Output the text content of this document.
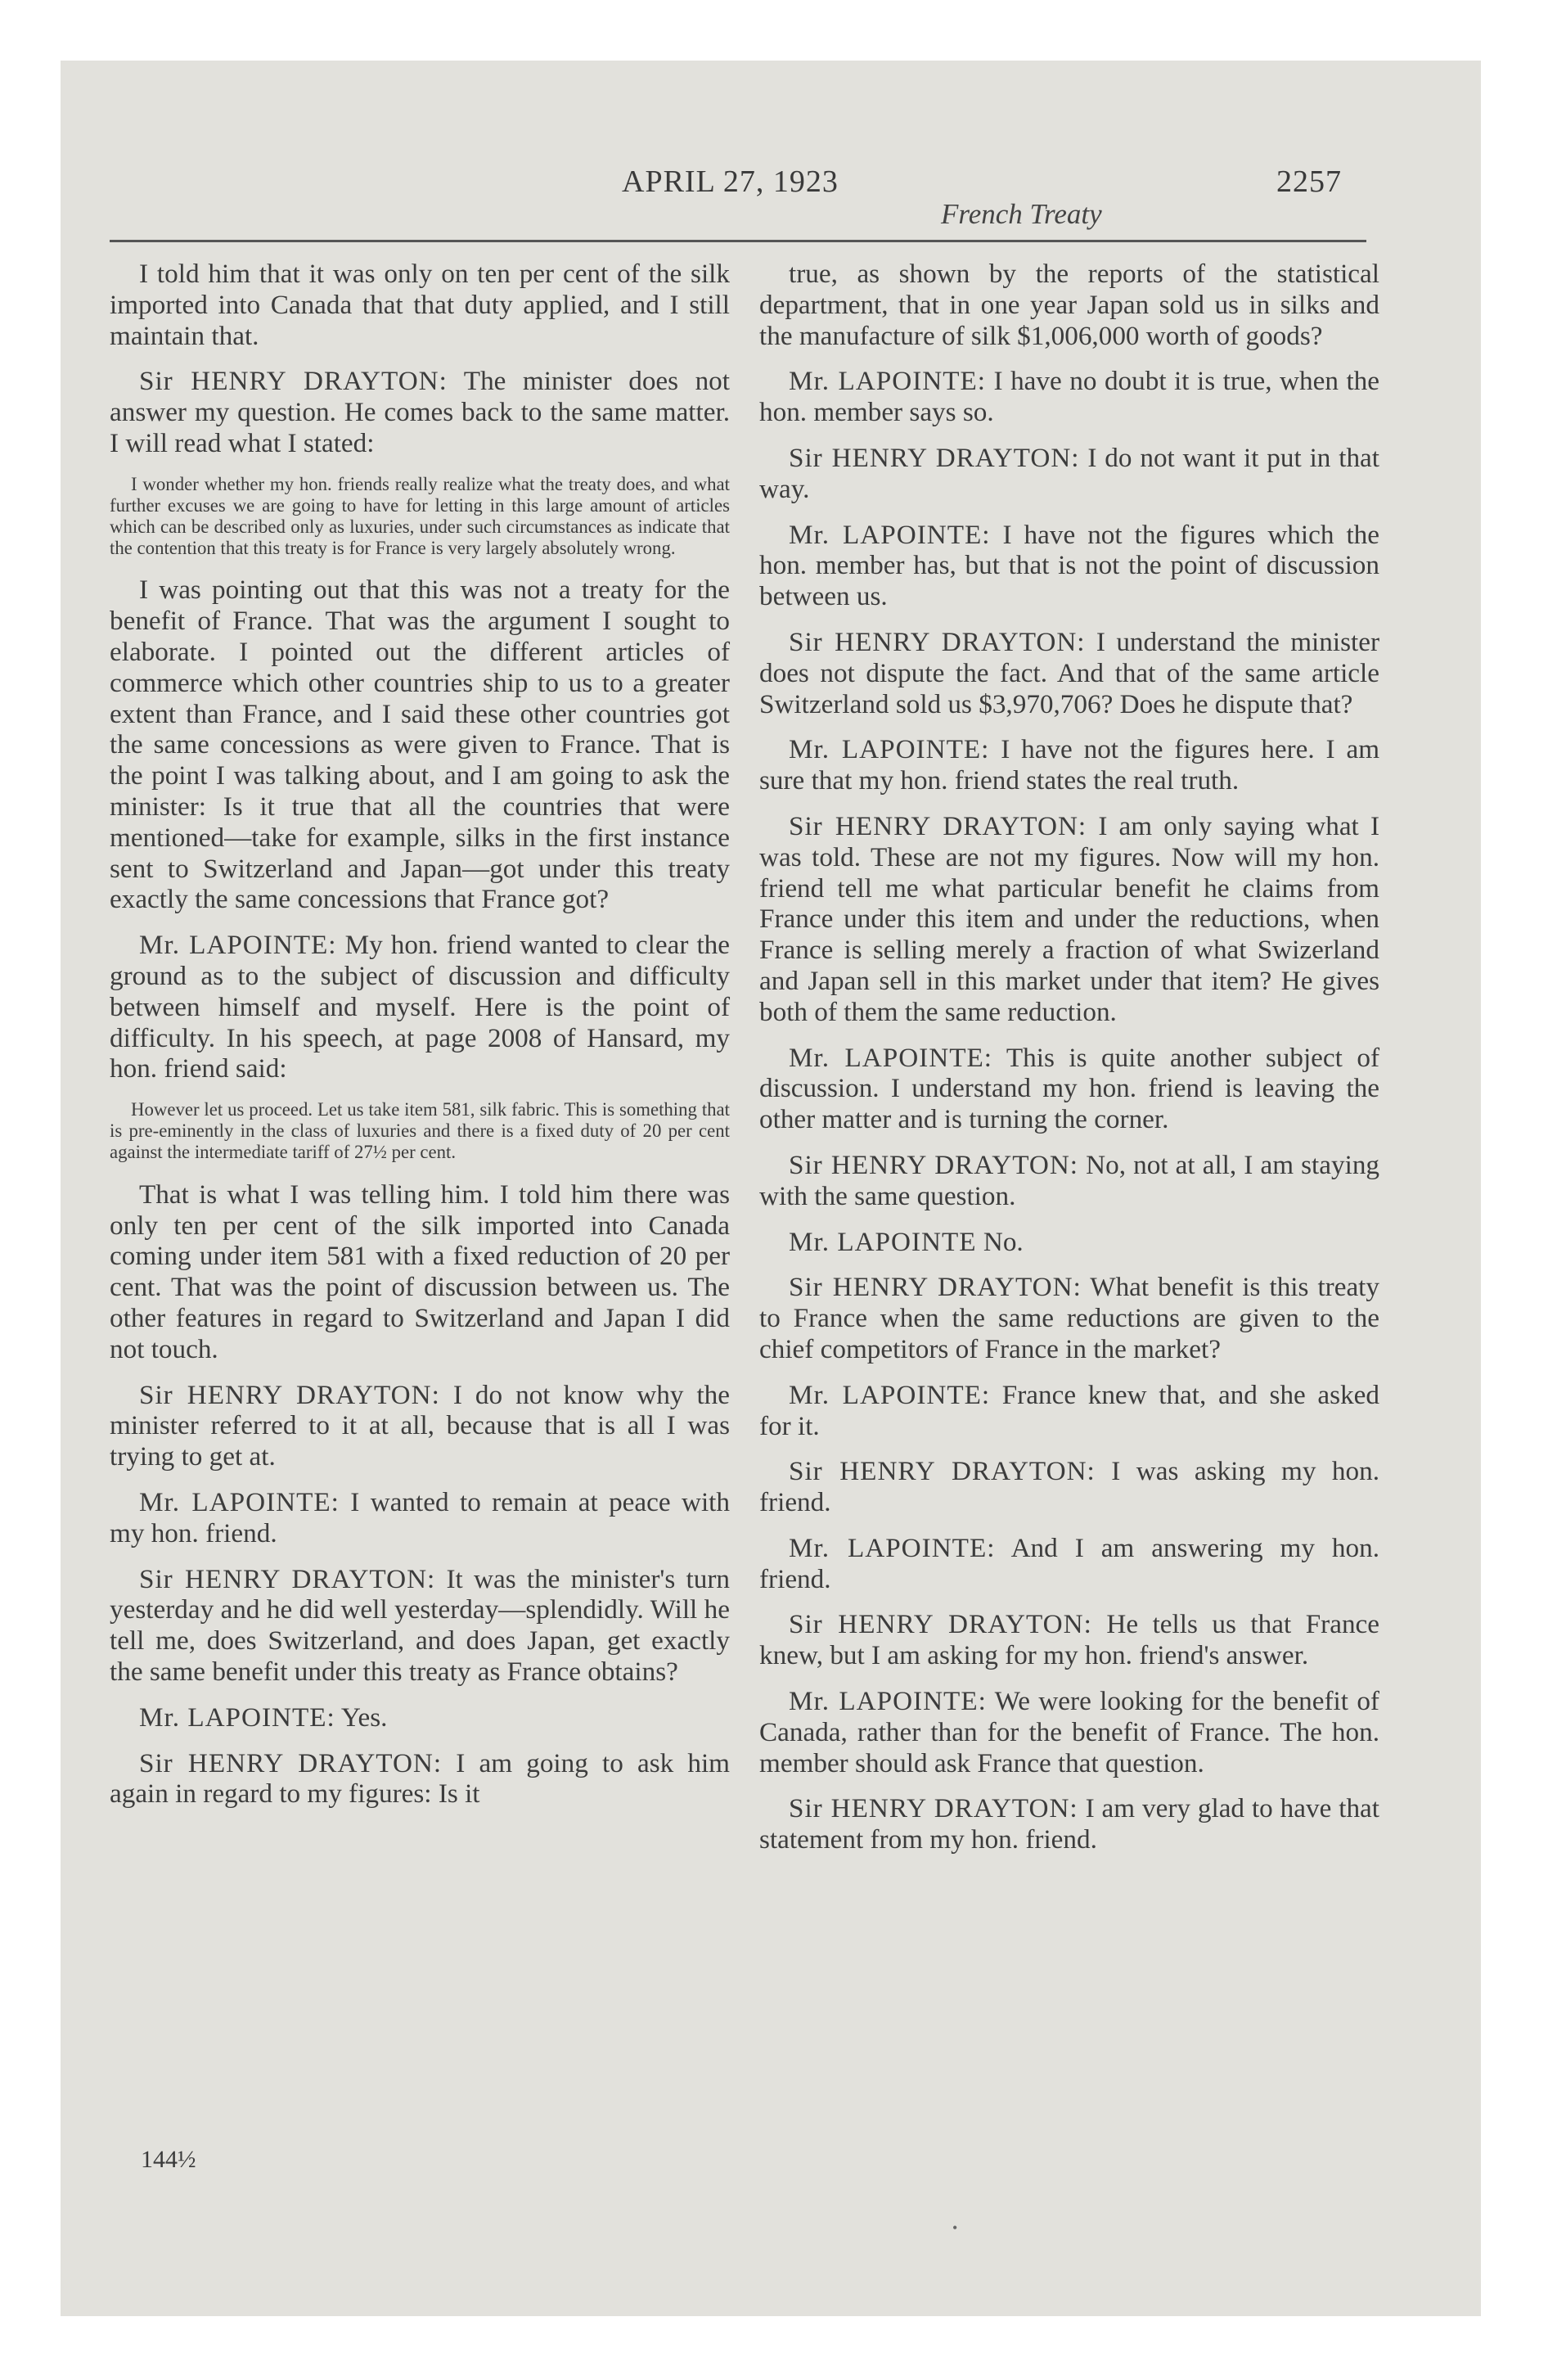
APRIL 27, 1923	2257
French Treaty
I told him that it was only on ten per cent of the silk imported into Canada that that duty applied, and I still maintain that.
Sir HENRY DRAYTON: The minister does not answer my question. He comes back to the same matter. I will read what I stated:
I wonder whether my hon. friends really realize what the treaty does, and what further excuses we are going to have for letting in this large amount of articles which can be described only as luxuries, under such circumstances as indicate that the contention that this treaty is for France is very largely absolutely wrong.
I was pointing out that this was not a treaty for the benefit of France. That was the argument I sought to elaborate. I pointed out the different articles of commerce which other countries ship to us to a greater extent than France, and I said these other countries got the same concessions as were given to France. That is the point I was talking about, and I am going to ask the minister: Is it true that all the countries that were mentioned—take for example, silks in the first instance sent to Switzerland and Japan—got under this treaty exactly the same concessions that France got?
Mr. LAPOINTE: My hon. friend wanted to clear the ground as to the subject of discussion and difficulty between himself and myself. Here is the point of difficulty. In his speech, at page 2008 of Hansard, my hon. friend said:
However let us proceed. Let us take item 581, silk fabric. This is something that is pre-eminently in the class of luxuries and there is a fixed duty of 20 per cent against the intermediate tariff of 27½ per cent.
That is what I was telling him. I told him there was only ten per cent of the silk imported into Canada coming under item 581 with a fixed reduction of 20 per cent. That was the point of discussion between us. The other features in regard to Switzerland and Japan I did not touch.
Sir HENRY DRAYTON: I do not know why the minister referred to it at all, because that is all I was trying to get at.
Mr. LAPOINTE: I wanted to remain at peace with my hon. friend.
Sir HENRY DRAYTON: It was the minister's turn yesterday and he did well yesterday—splendidly. Will he tell me, does Switzerland, and does Japan, get exactly the same benefit under this treaty as France obtains?
Mr. LAPOINTE: Yes.
Sir HENRY DRAYTON: I am going to ask him again in regard to my figures: Is it
true, as shown by the reports of the statistical department, that in one year Japan sold us in silks and the manufacture of silk $1,006,000 worth of goods?
Mr. LAPOINTE: I have no doubt it is true, when the hon. member says so.
Sir HENRY DRAYTON: I do not want it put in that way.
Mr. LAPOINTE: I have not the figures which the hon. member has, but that is not the point of discussion between us.
Sir HENRY DRAYTON: I understand the minister does not dispute the fact. And that of the same article Switzerland sold us $3,970,706? Does he dispute that?
Mr. LAPOINTE: I have not the figures here. I am sure that my hon. friend states the real truth.
Sir HENRY DRAYTON: I am only saying what I was told. These are not my figures. Now will my hon. friend tell me what particular benefit he claims from France under this item and under the reductions, when France is selling merely a fraction of what Swizerland and Japan sell in this market under that item? He gives both of them the same reduction.
Mr. LAPOINTE: This is quite another subject of discussion. I understand my hon. friend is leaving the other matter and is turning the corner.
Sir HENRY DRAYTON: No, not at all, I am staying with the same question.
Mr. LAPOINTE No.
Sir HENRY DRAYTON: What benefit is this treaty to France when the same reductions are given to the chief competitors of France in the market?
Mr. LAPOINTE: France knew that, and she asked for it.
Sir HENRY DRAYTON: I was asking my hon. friend.
Mr. LAPOINTE: And I am answering my hon. friend.
Sir HENRY DRAYTON: He tells us that France knew, but I am asking for my hon. friend's answer.
Mr. LAPOINTE: We were looking for the benefit of Canada, rather than for the benefit of France. The hon. member should ask France that question.
Sir HENRY DRAYTON: I am very glad to have that statement from my hon. friend.
144½
•
